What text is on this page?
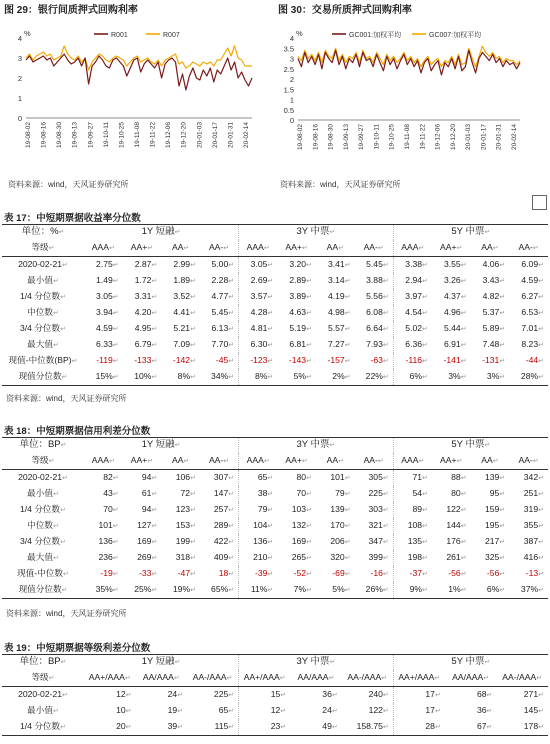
图 29：银行间质押式回购利率	图 30：交易所质押式回购利率
0
1
2
3
4
%
19-08-02 19-08-16 19-08-30 19-09-13 19-09-27 19-10-11 19-10-25 19-11-08 19-11-22 19-12-06 19-12-20 20-01-03 20-01-17 20-01-31 20-02-14
R001	R007
0
0.5
1
1.5
2
2.5
3
3.5
4
%
19-08-02 19-08-16 19-08-30 19-09-13 19-09-27 19-10-11 19-10-25 19-11-08 19-11-22 19-12-06 19-12-20 20-01-03 20-01-17 20-01-31 20-02-14
GC001:加权平均	GC007:加权平均
资料来源：wind，天风证券研究所	资料来源：wind，天风证券研究所
表 17：中短期票据收益率分位数
单位：%↵	1Y 短融↵				3Y 中票↵				5Y 中票↵			
等级↵	AAA↵	AA+↵	AA↵	AA-↵	AAA↵	AA+↵	AA↵	AA-↵	AAA↵	AA+↵	AA↵	AA-↵
2020-02-21↵	2.75↵	2.87↵	2.99↵	5.00↵	3.05↵	3.20↵	3.41↵	5.45↵	3.38↵	3.55↵	4.06↵	6.09↵
最小值↵	1.49↵	1.72↵	1.89↵	2.28↵	2.69↵	2.89↵	3.14↵	3.88↵	2.94↵	3.26↵	3.43↵	4.59↵
1/4 分位数↵	3.05↵	3.31↵	3.52↵	4.77↵	3.57↵	3.89↵	4.19↵	5.56↵	3.97↵	4.37↵	4.82↵	6.27↵
中位数↵	3.94↵	4.20↵	4.41↵	5.45↵	4.28↵	4.63↵	4.98↵	6.08↵	4.54↵	4.96↵	5.37↵	6.53↵
3/4 分位数↵	4.59↵	4.95↵	5.21↵	6.13↵	4.81↵	5.19↵	5.57↵	6.64↵	5.02↵	5.44↵	5.89↵	7.01↵
最大值↵	6.33↵	6.79↵	7.09↵	7.70↵	6.30↵	6.81↵	7.27↵	7.93↵	6.36↵	6.91↵	7.48↵	8.23↵
现值-中位数(BP)↵	-119↵	-133↵	-142↵	-45↵	-123↵	-143↵	-157↵	-63↵	-116↵	-141↵	-131↵	-44↵
现值分位数↵	15%↵	10%↵	8%↵	34%↵	8%↵	5%↵	2%↵	22%↵	6%↵	3%↵	3%↵	28%↵
资料来源：wind，天风证券研究所
表 18：中短期票据信用利差分位数
单位：BP↵	1Y 短融↵				3Y 中票↵				5Y 中票↵			
等级↵	AAA↵	AA+↵	AA↵	AA-↵	AAA↵	AA+↵	AA↵	AA-↵	AAA↵	AA+↵	AA↵	AA-↵
2020-02-21↵	82↵	94↵	106↵	307↵	65↵	80↵	101↵	305↵	71↵	88↵	139↵	342↵
最小值↵	43↵	61↵	72↵	147↵	38↵	70↵	79↵	225↵	54↵	80↵	95↵	251↵
1/4 分位数↵	70↵	94↵	123↵	257↵	79↵	103↵	139↵	303↵	89↵	122↵	159↵	319↵
中位数↵	101↵	127↵	153↵	289↵	104↵	132↵	170↵	321↵	108↵	144↵	195↵	355↵
3/4 分位数↵	136↵	169↵	199↵	422↵	136↵	169↵	206↵	347↵	135↵	176↵	217↵	387↵
最大值↵	236↵	269↵	318↵	409↵	210↵	265↵	320↵	399↵	198↵	261↵	325↵	416↵
现值-中位数↵	-19↵	-33↵	-47↵	18↵	-39↵	-52↵	-69↵	-16↵	-37↵	-56↵	-56↵	-13↵
现值分位数↵	35%↵	25%↵	19%↵	65%↵	11%↵	7%↵	5%↵	26%↵	9%↵	1%↵	6%↵	37%↵
资料来源：wind，天风证券研究所
表 19：中短期票据等级利差分位数
单位：BP↵	1Y 短融↵			3Y 中票↵			5Y 中票↵		
等级↵	AA+/AAA↵	AA/AAA↵	AA-/AAA↵	AA+/AAA↵	AA/AAA↵	AA-/AAA↵	AA+/AAA↵	AA/AAA↵	AA-/AAA↵
2020-02-21↵	12↵	24↵	225↵	15↵	36↵	240↵	17↵	68↵	271↵
最小值↵	10↵	19↵	65↵	12↵	24↵	122↵	17↵	36↵	145↵
1/4 分位数↵	20↵	39↵	115↵	23↵	49↵	158.75↵	28↵	67↵	178↵
